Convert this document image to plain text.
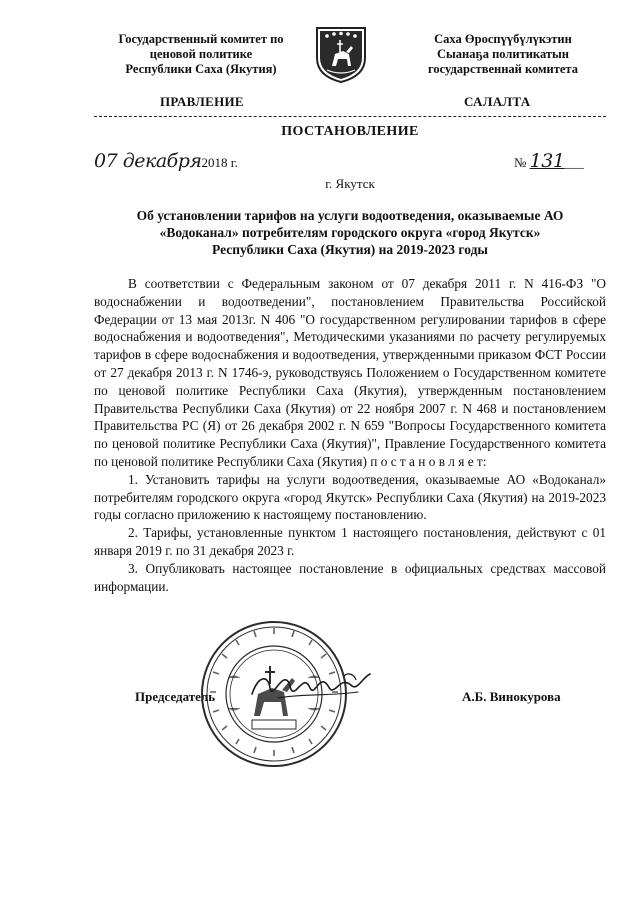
Государственный комитет по
ценовой политике
Республики Саха (Якутия)
Саха Өроспүүбүлүкэтин
Сыанаҕа политикатын
государственнай комитета
ПРАВЛЕНИЕ	САЛАЛТА
ПОСТАНОВЛЕНИЕ
07 декабря2018 г.	№ 131___
г. Якутск
Об установлении тарифов на услуги водоотведения, оказываемые АО
«Водоканал» потребителям городского округа «город Якутск»
Республики Саха (Якутия) на 2019-2023 годы

В соответствии с Федеральным законом от 07 декабря 2011 г. N 416-ФЗ "О водоснабжении и водоотведении", постановлением Правительства Российской Федерации от 13 мая 2013г. N 406 "О государственном регулировании тарифов в сфере водоснабжения и водоотведения", Методическими указаниями по расчету регулируемых тарифов в сфере водоснабжения и водоотведения, утвержденными приказом ФСТ России от 27 декабря 2013 г. N 1746-э, руководствуясь Положением о Государственном комитете по ценовой политике Республики Саха (Якутия), утвержденным постановлением Правительства Республики Саха (Якутия) от 22 ноября 2007 г. N 468 и постановлением Правительства РС (Я) от 26 декабря 2002 г. N 659 "Вопросы Государственного комитета по ценовой политике Республики Саха (Якутия)", Правление Государственного комитета по ценовой политике Республики Саха (Якутия) п о с т а н о в л я е т:

1. Установить тарифы на услуги водоотведения, оказываемые АО «Водоканал» потребителям городского округа «город Якутск» Республики Саха (Якутия) на 2019-2023 годы согласно приложению к настоящему постановлению.

2. Тарифы, установленные пунктом 1 настоящего постановления, действуют с 01 января 2019 г. по 31 декабря 2023 г.

3. Опубликовать настоящее постановление в официальных средствах массовой информации.

Председатель	А.Б. Винокурова
